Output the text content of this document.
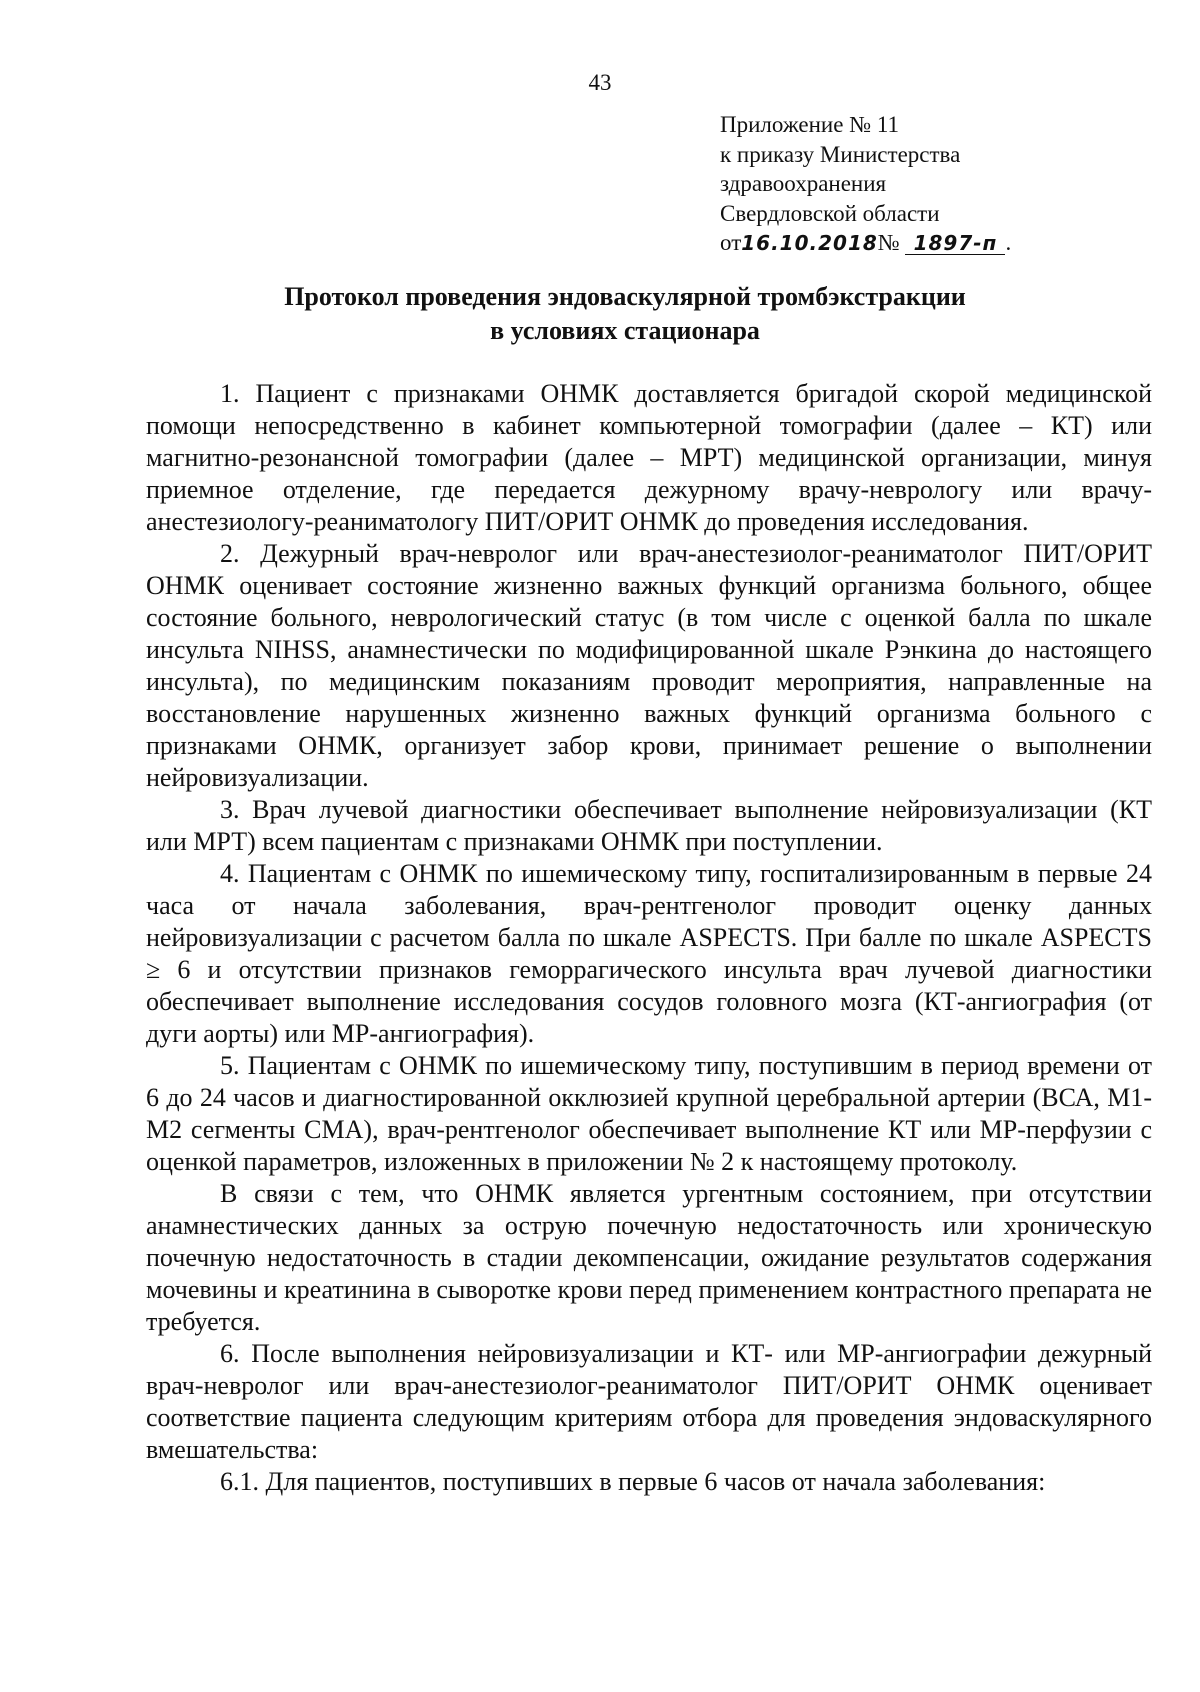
43
Приложение № 11
к приказу Министерства
здравоохранения
Свердловской области
от16.10.2018№ 1897-п .
Протокол проведения эндоваскулярной тромбэкстракции
в условиях стационара

1. Пациент с признаками ОНМК доставляется бригадой скорой медицинской помощи непосредственно в кабинет компьютерной томографии (далее – КТ) или магнитно-резонансной томографии (далее – МРТ) медицинской организации, минуя приемное отделение, где передается дежурному врачу-неврологу или врачу-анестезиологу-реаниматологу ПИТ/ОРИТ ОНМК до проведения исследования.

2. Дежурный врач-невролог или врач-анестезиолог-реаниматолог ПИТ/ОРИТ ОНМК оценивает состояние жизненно важных функций организма больного, общее состояние больного, неврологический статус (в том числе с оценкой балла по шкале инсульта NIHSS, анамнестически по модифицированной шкале Рэнкина до настоящего инсульта), по медицинским показаниям проводит мероприятия, направленные на восстановление нарушенных жизненно важных функций организма больного с признаками ОНМК, организует забор крови, принимает решение о выполнении нейровизуализации.

3. Врач лучевой диагностики обеспечивает выполнение нейровизуализации (КТ или МРТ) всем пациентам с признаками ОНМК при поступлении.

4. Пациентам с ОНМК по ишемическому типу, госпитализированным в первые 24 часа от начала заболевания, врач-рентгенолог проводит оценку данных нейровизуализации с расчетом балла по шкале ASPECTS. При балле по шкале ASPECTS ≥ 6 и отсутствии признаков геморрагического инсульта врач лучевой диагностики обеспечивает выполнение исследования сосудов головного мозга (КТ-ангиография (от дуги аорты) или МР-ангиография).

5. Пациентам с ОНМК по ишемическому типу, поступившим в период времени от 6 до 24 часов и диагностированной окклюзией крупной церебральной артерии (ВСА, M1-M2 сегменты СМА), врач-рентгенолог обеспечивает выполнение КТ или МР-перфузии с оценкой параметров, изложенных в приложении № 2 к настоящему протоколу.

В связи с тем, что ОНМК является ургентным состоянием, при отсутствии анамнестических данных за острую почечную недостаточность или хроническую почечную недостаточность в стадии декомпенсации, ожидание результатов содержания мочевины и креатинина в сыворотке крови перед применением контрастного препарата не требуется.

6. После выполнения нейровизуализации и КТ- или МР-ангиографии дежурный врач-невролог или врач-анестезиолог-реаниматолог ПИТ/ОРИТ ОНМК оценивает соответствие пациента следующим критериям отбора для проведения эндоваскулярного вмешательства:

6.1. Для пациентов, поступивших в первые 6 часов от начала заболевания:
